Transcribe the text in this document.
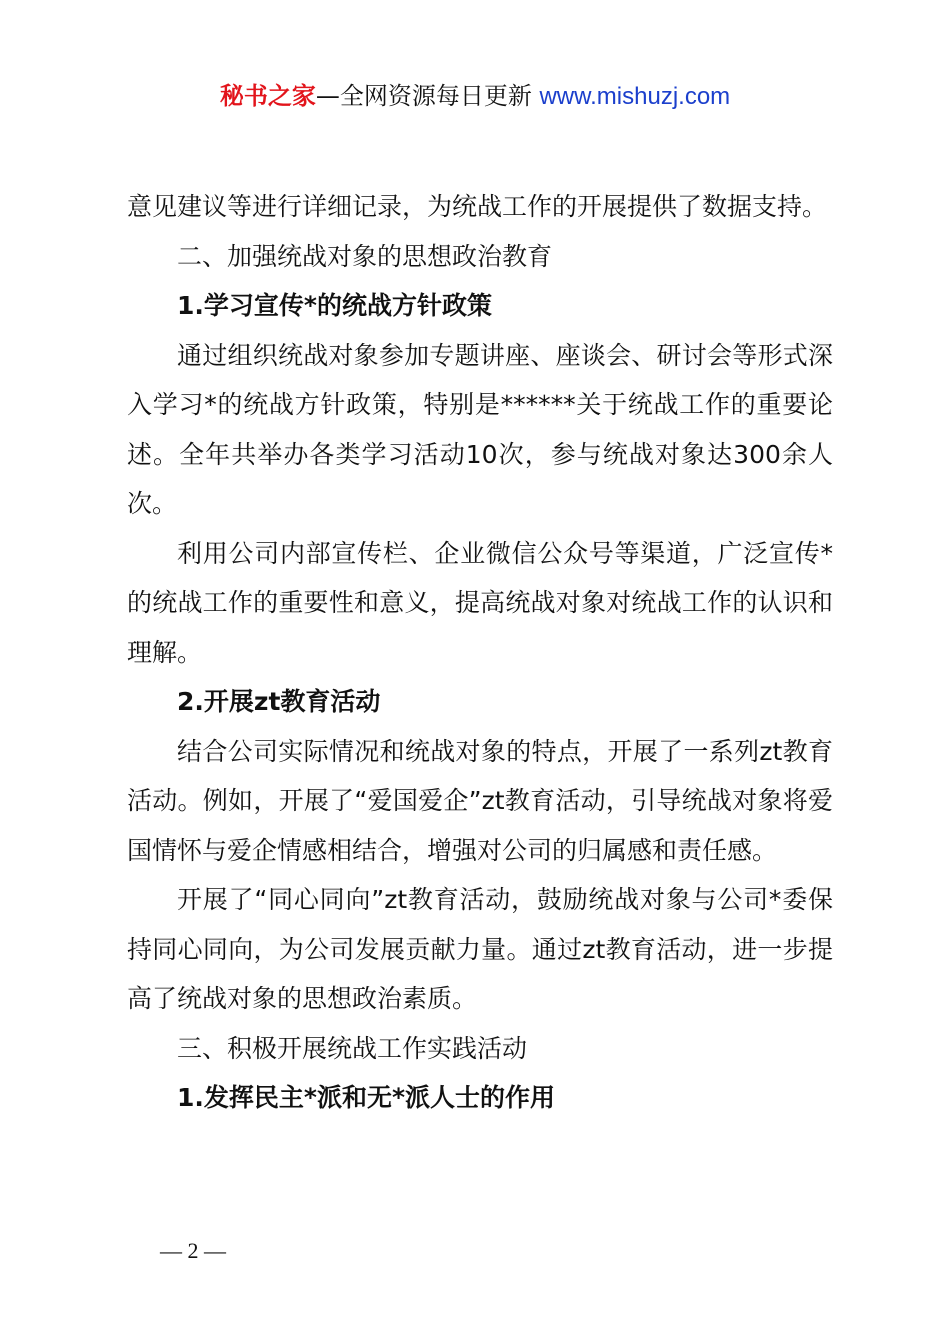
秘书之家—全网资源每日更新 www.mishuzj.com

意见建议等进行详细记录，为统战工作的开展提供了数据支持。

二、加强统战对象的思想政治教育

1.学习宣传*的统战方针政策

通过组织统战对象参加专题讲座、座谈会、研讨会等形式深入学习*的统战方针政策，特别是******关于统战工作的重要论述。全年共举办各类学习活动10次，参与统战对象达300余人次。

利用公司内部宣传栏、企业微信公众号等渠道，广泛宣传*的统战工作的重要性和意义，提高统战对象对统战工作的认识和理解。

2.开展zt教育活动

结合公司实际情况和统战对象的特点，开展了一系列zt教育活动。例如，开展了“爱国爱企”zt教育活动，引导统战对象将爱国情怀与爱企情感相结合，增强对公司的归属感和责任感。

开展了“同心同向”zt教育活动，鼓励统战对象与公司*委保持同心同向，为公司发展贡献力量。通过zt教育活动，进一步提高了统战对象的思想政治素质。

三、积极开展统战工作实践活动

1.发挥民主*派和无*派人士的作用

— 2 —
